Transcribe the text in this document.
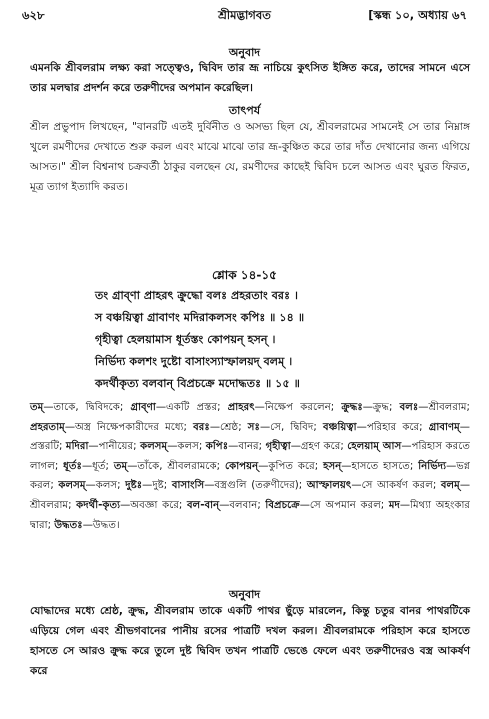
৬২৮	শ্রীমদ্ভাগবত	[স্কন্ধ ১০, অধ্যায় ৬৭
অনুবাদ
এমনকি শ্রীবলরাম লক্ষ্য করা সত্ত্বেও, দ্বিবিদ তার ভ্রূ নাচিয়ে কুৎসিত ইঙ্গিত করে, তাদের সামনে এসে তার মলদ্বার প্রদর্শন করে তরুণীদের অপমান করেছিল।
তাৎপর্য
শ্রীল প্রভুপাদ লিখছেন, "বানরটি এতই দুর্বিনীত ও অসভ্য ছিল যে, শ্রীবলরামের সামনেই সে তার নিম্নাঙ্গ খুলে রমণীদের দেখাতে শুরু করল এবং মাঝে মাঝে তার ভ্রূ-কুঞ্চিত করে তার দাঁত দেখানোর জন্য এগিয়ে আসত।" শ্রীল বিশ্বনাথ চক্রবর্তী ঠাকুর বলছেন যে, রমণীদের কাছেই দ্বিবিদ চলে আসত এবং ঘুরত ফিরত, মূত্র ত্যাগ ইত্যাদি করত।
শ্লোক ১৪-১৫
তং গ্রাব্ণা প্রাহরৎ ক্রুদ্ধো বলঃ প্রহরতাং বরঃ ।
স বঞ্চয়িত্বা গ্রাবাণং মদিরাকলসং কপিঃ ॥ ১৪ ॥
গৃহীত্বা হেলয়ামাস ধূর্তস্তং কোপয়ন্ হসন্ ।
নির্ভিদ্য কলশং দুষ্টো বাসাংস্যাস্ফালয়দ্ বলম্ ।
কদর্থীকৃত্য বলবান্ বিপ্রচক্রে মদোদ্ধতঃ ॥ ১৫ ॥
তম্—তাকে, দ্বিবিদকে; গ্রাব্ণা—একটি প্রস্তর; প্রাহরৎ—নিক্ষেপ করলেন; ক্রুদ্ধঃ—ক্রুদ্ধ; বলঃ—শ্রীবলরাম; প্রহরতাম্—অস্ত্র নিক্ষেপকারীদের মধ্যে; বরঃ—শ্রেষ্ঠ; সঃ—সে, দ্বিবিদ; বঞ্চয়িত্বা—পরিহার করে; গ্রাবাণম্—প্রস্তরটি; মদিরা—পানীয়ের; কলসম্—কলস; কপিঃ—বানর; গৃহীত্বা—গ্রহণ করে; হেলয়াম্ আস—পরিহাস করতে লাগল; ধূর্তঃ—ধূর্ত; তম্—তাঁকে, শ্রীবলরামকে; কোপয়ন্—কুপিত করে; হসন্—হাসতে হাসতে; নির্ভিদ্য—ভগ্ন করল; কলসম্—কলস; দুষ্টঃ—দুষ্ট; বাসাংসি—বস্ত্রগুলি (তরুণীদের); আস্ফালয়ৎ—সে আকর্ষণ করল; বলম্—শ্রীবলরাম; কদর্থী-কৃত্য—অবজ্ঞা করে; বল-বান্—বলবান; বিপ্রচক্রে—সে অপমান করল; মদ—মিথ্যা অহংকার দ্বারা; উদ্ধতঃ—উদ্ধত।
অনুবাদ
যোদ্ধাদের মধ্যে শ্রেষ্ঠ, ক্রুদ্ধ, শ্রীবলরাম তাকে একটি পাথর ছুঁড়ে মারলেন, কিন্তু চতুর বানর পাথরটিকে এড়িয়ে গেল এবং শ্রীভগবানের পানীয় রসের পাত্রটি দখল করল। শ্রীবলরামকে পরিহাস করে হাসতে হাসতে সে আরও ক্রুদ্ধ করে তুলে দুষ্ট দ্বিবিদ তখন পাত্রটি ভেঙে ফেলে এবং তরুণীদেরও বস্ত্র আকর্ষণ করে
